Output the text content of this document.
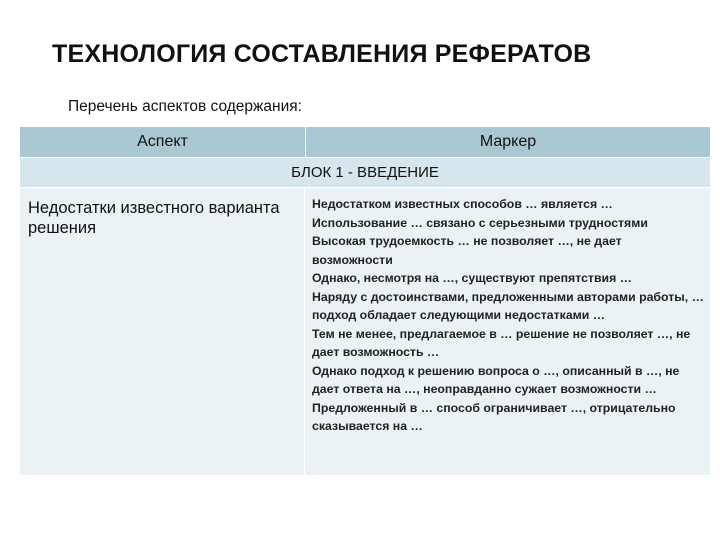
ТЕХНОЛОГИЯ СОСТАВЛЕНИЯ РЕФЕРАТОВ
Перечень аспектов содержания:
Аспект	Маркер
БЛОК 1 - ВВЕДЕНИЕ
Недостатки известного варианта решения
Недостатком известных способов … является …
Использование … связано с серьезными трудностями
Высокая трудоемкость … не позволяет …, не дает возможности
Однако, несмотря на …, существуют препятствия …
Наряду с достоинствами, предложенными авторами работы, … подход обладает следующими недостатками …
Тем не менее, предлагаемое в … решение не позволяет …, не дает возможность …
Однако подход к решению вопроса о …, описанный в …, не дает ответа на …, неоправданно сужает возможности …
Предложенный в … способ ограничивает …, отрицательно сказывается на …
